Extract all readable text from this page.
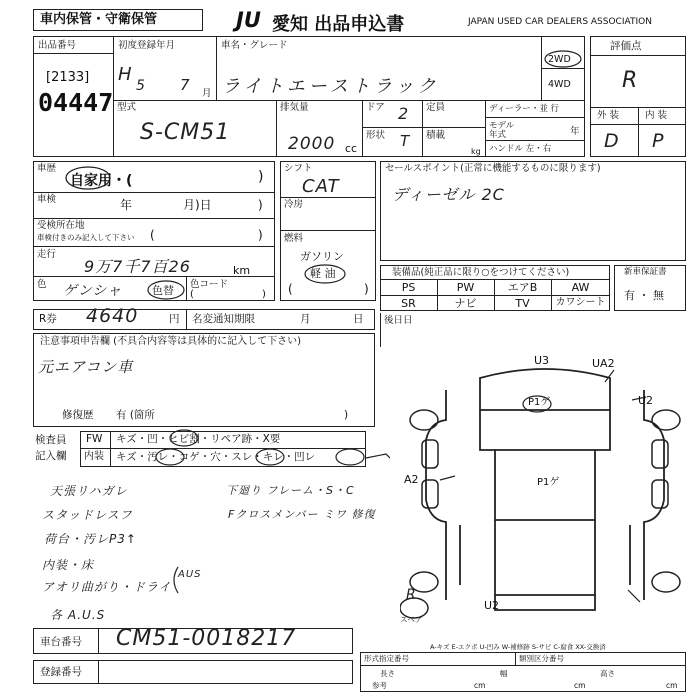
車内保管・守衛保管	JU 愛知 出品申込書	JAPAN USED CAR DEALERS ASSOCIATION
出品番号
[2133]
04447
初度登録年月
H
5 7 月
車名・グレード
ライトエーストラック
2WD
4WD
型式
S-CM51
排気量
2000 cc
ドア 2
形状 T
定員
積載
kg
ディーラー・並 行
モデル 年式	年
ハンドル 左・右
評価点
R
外 装	内 装
D P
車歴
自家用・(	)
車検	年	月)日	)
受検所在地
車検付きのみ記入して下さい (	)
走行
9万7千7百26	km
色 ゲンシャ	色替 色コード
(	)
シフト
CAT
冷房
燃料
ガソリン
軽 油
(	)
セールスポイント(正常に機能するものに限ります)
ディーゼル 2C
装備品(純正品に限り○をつけてください)
PS	PW	エアB	AW
SR	ナビ	TV	カワシート
新車保証書
有 ・ 無
R券 4640	円 名変通知期限	月	日 後日日
注意事項申告欄 (不具合内容等は具体的に記入して下さい)
元エアコン車
修復歴 有 (箇所	)
検査員
記入欄
FW キズ・凹・ヒビ割・リペア跡・X要
内装 キズ・汚レ・コゲ・穴・スレ・キレ・凹レ
天張リハガレ
スタッドレスフ
荷台・汚レP3↑
内装・床
アオリ曲がり・ドライ
各 A.U.S
下廻り フレーム・S・C
Fクロスメンバー ミワ 修復
AUS
U3	UA2
U2
A2
P1ゲ
P1ゲ
U2
R
スペア
A-キズ E-エクボ U-凹み W-補修跡 S-サビ C-腐食 XX-交換済
車台番号 CM51-0018217
登録番号
形式指定番号	類別区分番号
長さ	幅	高さ
参考	cm	cm	cm
